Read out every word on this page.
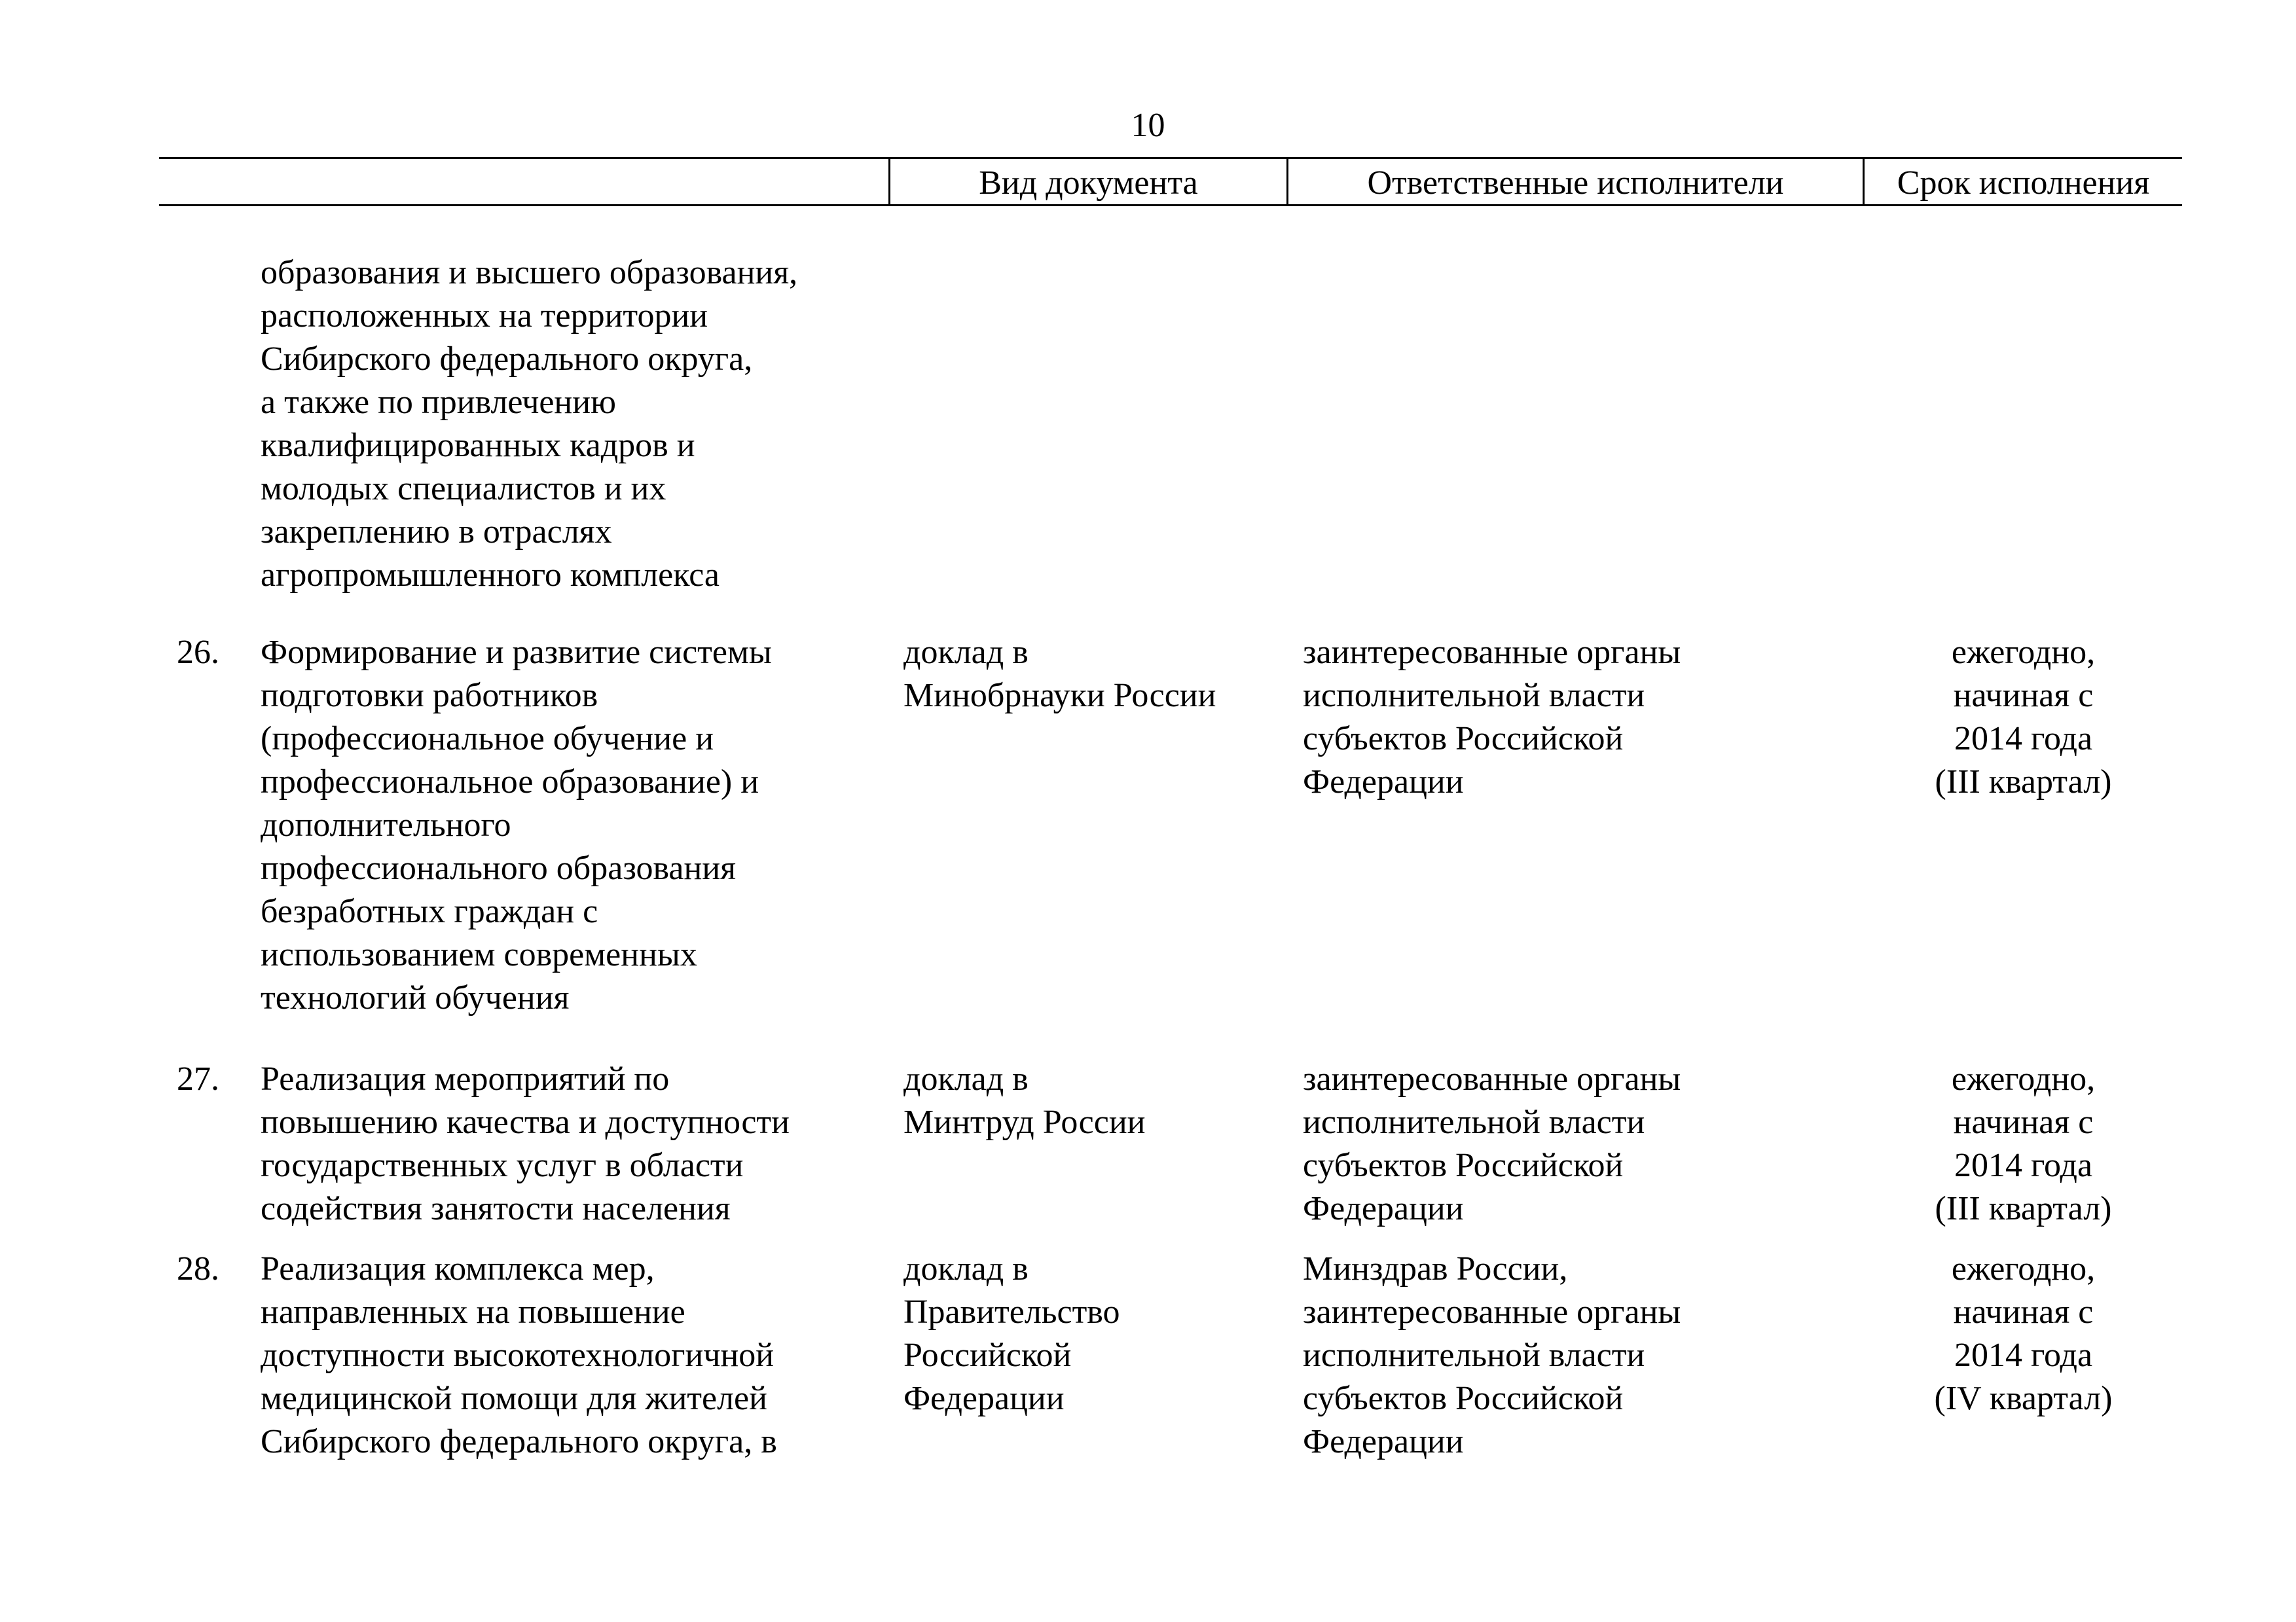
10
Вид документа	Ответственные исполнители	Срок исполнения
образования и высшего образования,
расположенных на территории
Сибирского федерального округа,
а также по привлечению
квалифицированных кадров и
молодых специалистов и их
закреплению в отраслях
агропромышленного комплекса
26. Формирование и развитие системы
подготовки работников
(профессиональное обучение и
профессиональное образование) и
дополнительного
профессионального образования
безработных граждан с
использованием современных
технологий обучения
доклад в
Минобрнауки России
заинтересованные органы
исполнительной власти
субъектов Российской
Федерации
ежегодно,
начиная с
2014 года
(III квартал)
27. Реализация мероприятий по
повышению качества и доступности
государственных услуг в области
содействия занятости населения
доклад в
Минтруд России
заинтересованные органы
исполнительной власти
субъектов Российской
Федерации
ежегодно,
начиная с
2014 года
(III квартал)
28. Реализация комплекса мер,
направленных на повышение
доступности высокотехнологичной
медицинской помощи для жителей
Сибирского федерального округа, в
доклад в
Правительство
Российской
Федерации
Минздрав России,
заинтересованные органы
исполнительной власти
субъектов Российской
Федерации
ежегодно,
начиная с
2014 года
(IV квартал)
